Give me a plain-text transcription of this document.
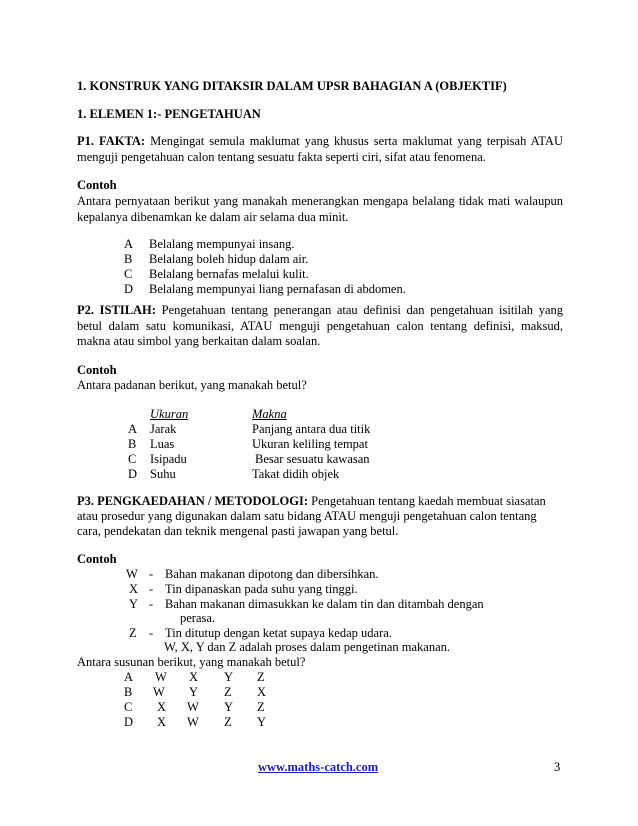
1. KONSTRUK YANG DITAKSIR DALAM UPSR BAHAGIAN A (OBJEKTIF)
1. ELEMEN 1:- PENGETAHUAN
P1. FAKTA: Mengingat semula maklumat yang khusus serta maklumat yang terpisah ATAU
menguji pengetahuan calon tentang sesuatu fakta seperti ciri, sifat atau fenomena.
Contoh
Antara pernyataan berikut yang manakah menerangkan mengapa belalang tidak mati walaupun
kepalanya dibenamkan ke dalam air selama dua minit.
A Belalang mempunyai insang.
B Belalang boleh hidup dalam air.
C Belalang bernafas melalui kulit.
D Belalang mempunyai liang pernafasan di abdomen.
P2. ISTILAH: Pengetahuan tentang penerangan atau definisi dan pengetahuan isitilah yang
betul dalam satu komunikasi, ATAU menguji pengetahuan calon tentang definisi, maksud,
makna atau simbol yang berkaitan dalam soalan.
Contoh
Antara padanan berikut, yang manakah betul?
Ukuran	Makna
A Jarak	Panjang antara dua titik
B Luas	Ukuran keliling tempat
C Isipadu	Besar sesuatu kawasan
D Suhu	Takat didih objek
P3. PENGKAEDAHAN / METODOLOGI: Pengetahuan tentang kaedah membuat siasatan
atau prosedur yang digunakan dalam satu bidang ATAU menguji pengetahuan calon tentang
cara, pendekatan dan teknik mengenal pasti jawapan yang betul.
Contoh
W - Bahan makanan dipotong dan dibersihkan.
X - Tin dipanaskan pada suhu yang tinggi.
Y - Bahan makanan dimasukkan ke dalam tin dan ditambah dengan
perasa.
Z - Tin ditutup dengan ketat supaya kedap udara.
W, X, Y dan Z adalah proses dalam pengetinan makanan.
Antara susunan berikut, yang manakah betul?
A W X Y Z
B W Y Z X
C X W Y Z
D X W Z Y
www.maths-catch.com	3
